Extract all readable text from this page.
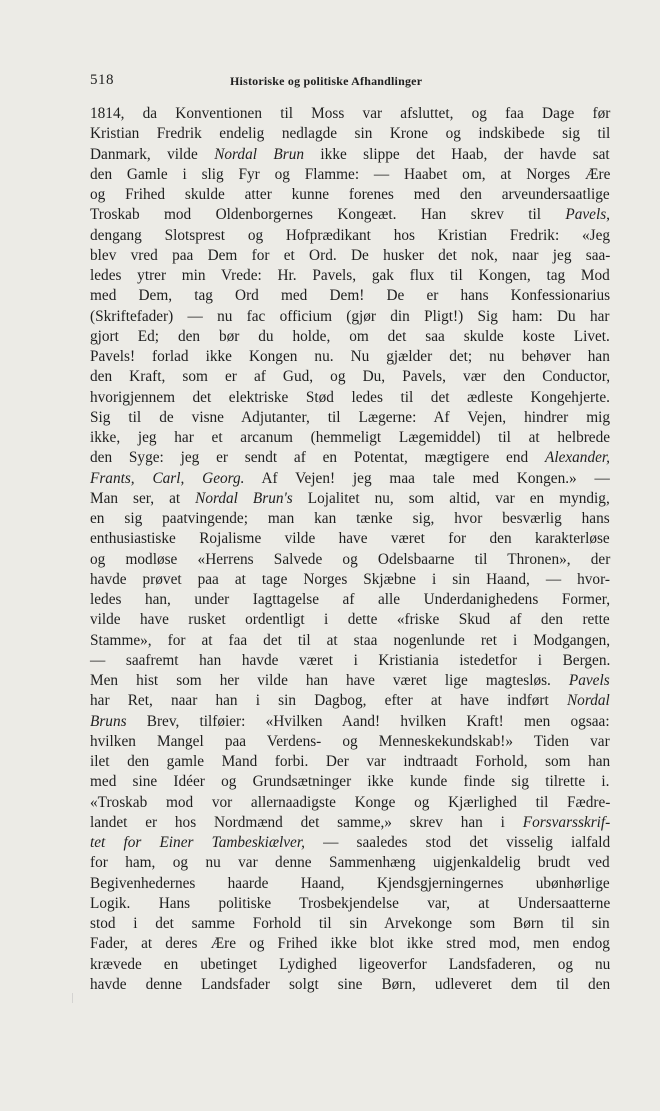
518	Historiske og politiske Afhandlinger
1814, da Konventionen til Moss var afsluttet, og faa Dage før
Kristian Fredrik endelig nedlagde sin Krone og indskibede sig til
Danmark, vilde Nordal Brun ikke slippe det Haab, der havde sat
den Gamle i slig Fyr og Flamme: — Haabet om, at Norges Ære
og Frihed skulde atter kunne forenes med den arveundersaatlige
Troskab mod Oldenborgernes Kongeæt. Han skrev til Pavels,
dengang Slotsprest og Hofprædikant hos Kristian Fredrik: «Jeg
blev vred paa Dem for et Ord. De husker det nok, naar jeg saa-
ledes ytrer min Vrede: Hr. Pavels, gak flux til Kongen, tag Mod
med Dem, tag Ord med Dem! De er hans Konfessionarius
(Skriftefader) — nu fac officium (gjør din Pligt!) Sig ham: Du har
gjort Ed; den bør du holde, om det saa skulde koste Livet.
Pavels! forlad ikke Kongen nu. Nu gjælder det; nu behøver han
den Kraft, som er af Gud, og Du, Pavels, vær den Conductor,
hvorigjennem det elektriske Stød ledes til det ædleste Kongehjerte.
Sig til de visne Adjutanter, til Lægerne: Af Vejen, hindrer mig
ikke, jeg har et arcanum (hemmeligt Lægemiddel) til at helbrede
den Syge: jeg er sendt af en Potentat, mægtigere end Alexander,
Frants, Carl, Georg. Af Vejen! jeg maa tale med Kongen.» —
Man ser, at Nordal Brun's Lojalitet nu, som altid, var en myndig,
en sig paatvingende; man kan tænke sig, hvor besværlig hans
enthusiastiske Rojalisme vilde have været for den karakterløse
og modløse «Herrens Salvede og Odelsbaarne til Thronen», der
havde prøvet paa at tage Norges Skjæbne i sin Haand, — hvor-
ledes han, under Iagttagelse af alle Underdanighedens Former,
vilde have rusket ordentligt i dette «friske Skud af den rette
Stamme», for at faa det til at staa nogenlunde ret i Modgangen,
— saafremt han havde været i Kristiania istedetfor i Bergen.
Men hist som her vilde han have været lige magtesløs. Pavels
har Ret, naar han i sin Dagbog, efter at have indført Nordal
Bruns Brev, tilføier: «Hvilken Aand! hvilken Kraft! men ogsaa:
hvilken Mangel paa Verdens- og Menneskekundskab!» Tiden var
ilet den gamle Mand forbi. Der var indtraadt Forhold, som han
med sine Idéer og Grundsætninger ikke kunde finde sig tilrette i.
«Troskab mod vor allernaadigste Konge og Kjærlighed til Fædre-
landet er hos Nordmænd det samme,» skrev han i Forsvarsskrif-
tet for Einer Tambeskiælver, — saaledes stod det visselig ialfald
for ham, og nu var denne Sammenhæng uigjenkaldelig brudt ved
Begivenhedernes haarde Haand, Kjendsgjerningernes ubønhørlige
Logik. Hans politiske Trosbekjendelse var, at Undersaatterne
stod i det samme Forhold til sin Arvekonge som Børn til sin
Fader, at deres Ære og Frihed ikke blot ikke stred mod, men endog
krævede en ubetinget Lydighed ligeoverfor Landsfaderen, og nu
havde denne Landsfader solgt sine Børn, udleveret dem til den
